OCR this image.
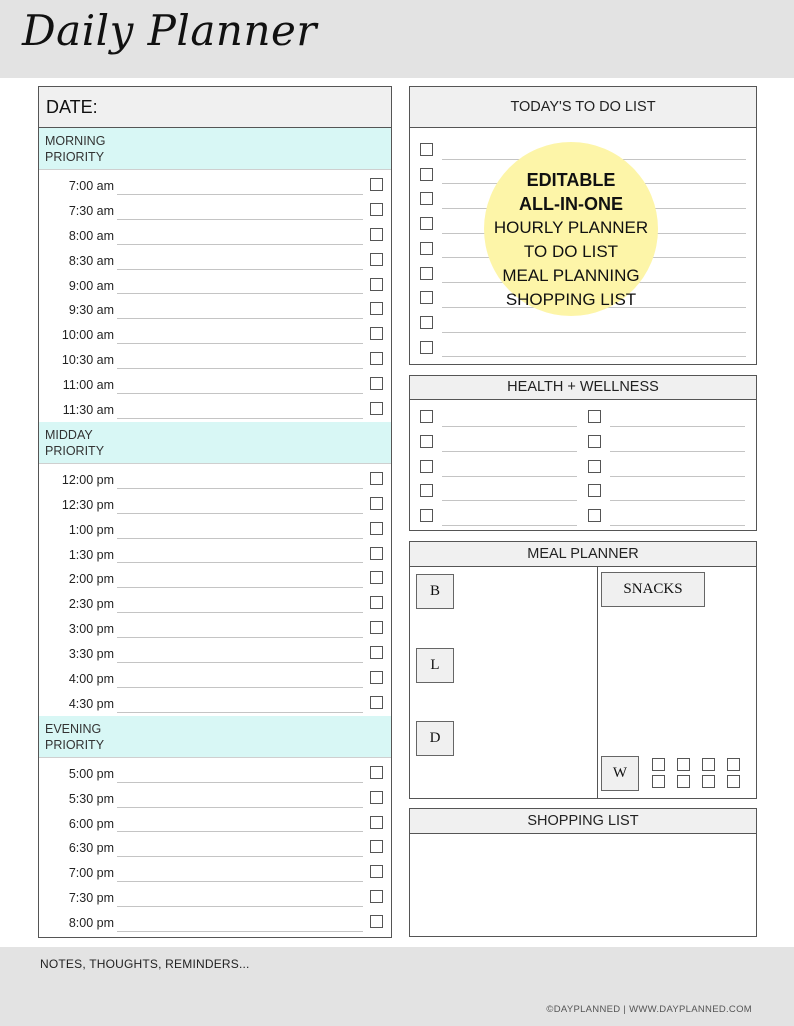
Daily Planner
DATE:
MORNING
PRIORITY
7:00 am
7:30 am
8:00 am
8:30 am
9:00 am
9:30 am
10:00 am
10:30 am
11:00 am
11:30 am
MIDDAY
PRIORITY
12:00 pm
12:30 pm
1:00 pm
1:30 pm
2:00 pm
2:30 pm
3:00 pm
3:30 pm
4:00 pm
4:30 pm
EVENING
PRIORITY
5:00 pm
5:30 pm
6:00 pm
6:30 pm
7:00 pm
7:30 pm
8:00 pm
TODAY'S TO DO LIST
EDITABLE
ALL-IN-ONE
HOURLY PLANNER
TO DO LIST
MEAL PLANNING
SHOPPING LIST
HEALTH + WELLNESS
MEAL PLANNER
B
L
D
SNACKS
W
SHOPPING LIST
NOTES, THOUGHTS, REMINDERS...
©DAYPLANNED | WWW.DAYPLANNED.COM
